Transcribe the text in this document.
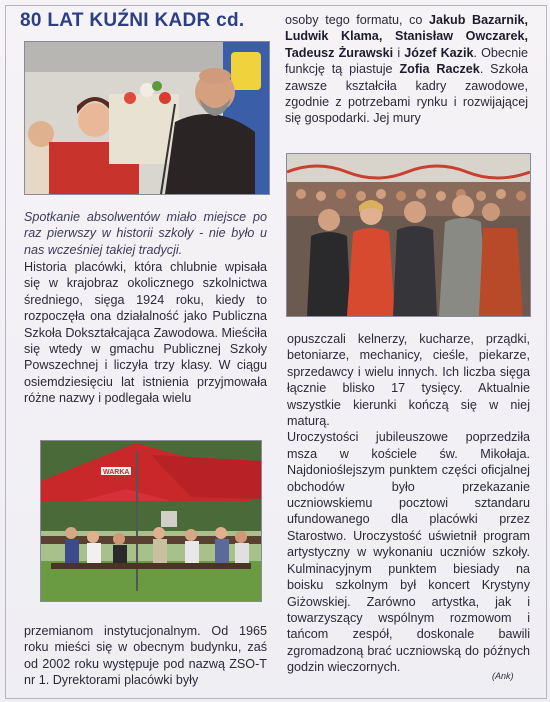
80 LAT KUŹNI KADR cd.

Spotkanie absolwentów miało miejsce po raz pierwszy w historii szkoły - nie było u nas wcześniej takiej tradycji.

Historia placówki, która chlubnie wpisała się w krajobraz okolicznego szkolnictwa średniego, sięga 1924 roku, kiedy to rozpoczęła ona działalność jako Publiczna Szkoła Dokształcająca Zawodowa. Mieściła się wtedy w gmachu Publicznej Szkoły Powszechnej i liczyła trzy klasy. W ciągu osiemdziesięciu lat istnienia przyjmowała różne nazwy i podlegała wielu

WARKA

przemianom instytucjonalnym. Od 1965 roku mieści się w obecnym budynku, zaś od 2002 roku występuje pod nazwą ZSO-T nr 1. Dyrektorami placówki były

osoby tego formatu, co Jakub Bazarnik, Ludwik Klama, Stanisław Owczarek, Tadeusz Żurawski i Józef Kazik. Obecnie funkcję tą piastuje Zofia Raczek. Szkoła zawsze kształciła kadry zawodowe, zgodnie z potrzebami rynku i rozwijającej się gospodarki. Jej mury

opuszczali kelnerzy, kucharze, prządki, betoniarze, mechanicy, cieśle, piekarze, sprzedawcy i wielu innych. Ich liczba sięga łącznie blisko 17 tysięcy. Aktualnie wszystkie kierunki kończą się w niej maturą.

Uroczystości jubileuszowe poprzedziła msza w kościele św. Mikołaja. Najdonioślejszym punktem części oficjalnej obchodów było przekazanie uczniowskiemu pocztowi sztandaru ufundowanego dla placówki przez Starostwo. Uroczystość uświetnił program artystyczny w wykonaniu uczniów szkoły. Kulminacyjnym punktem biesiady na boisku szkolnym był koncert Krystyny Giżowskiej. Zarówno artystka, jak i towarzyszący wspólnym rozmowom i tańcom zespół, doskonale bawili zgromadzoną brać uczniowską do późnych godzin wieczornych.

(Ank)
